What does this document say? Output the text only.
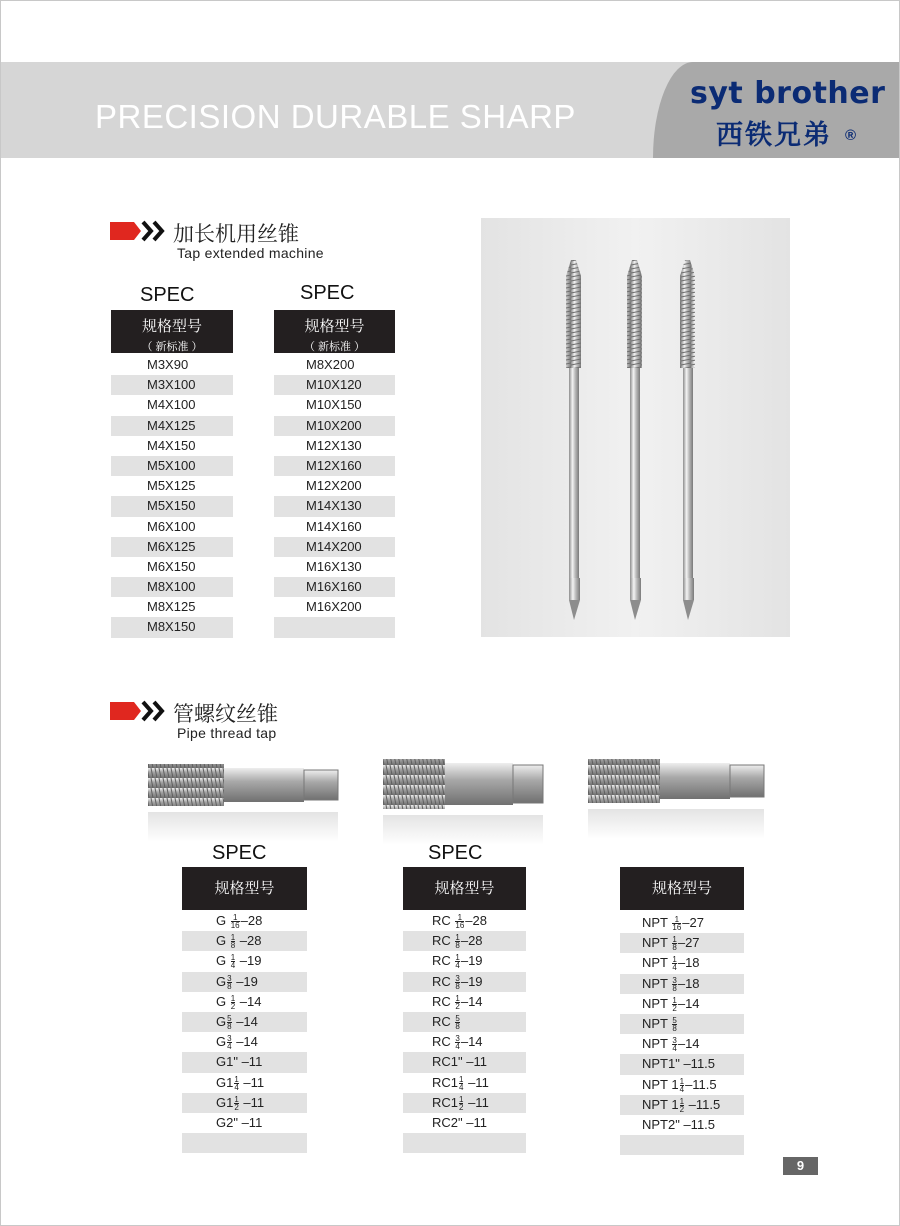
PRECISION DURABLE SHARP
syt brother
西铁兄弟 ®
加长机用丝锥
Tap extended machine
SPEC
规格型号
（ 新标准 ）
M3X90
M3X100
M4X100
M4X125
M4X150
M5X100
M5X125
M5X150
M6X100
M6X125
M6X150
M8X100
M8X125
M8X150
SPEC
规格型号
（ 新标准 ）
M8X200
M10X120
M10X150
M10X200
M12X130
M12X160
M12X200
M14X130
M14X160
M14X200
M16X130
M16X160
M16X200
管螺纹丝锥
Pipe thread tap
SPEC
规格型号
G $\frac{1}{16} -28$
G $\frac{1}{8} -28$
G $\frac{1}{4} -19$
G $\frac{3}{8} -19$
G $\frac{1}{2} -14$
G $\frac{5}{8} -14$
G $\frac{3}{4} -14$
G1" –11
$G1 \frac{1}{4} -11$
$G1 \frac{1}{2} -11$
G2" –11
SPEC
规格型号
RC $\frac{1}{16} -28$
RC $\frac{1}{8} -28$
RC $\frac{1}{4} -19$
RC $\frac{3}{8} -19$
RC $\frac{1}{2} -14$
RC $\frac{5}{8}$
RC $\frac{3}{4} -14$
RC1" –11
$RC1 \frac{1}{4} -11$
$RC1 \frac{1}{2} -11$
RC2" –11
规格型号
NPT $\frac{1}{16} -27$
NPT $\frac{1}{8} -27$
NPT $\frac{1}{4} -18$
NPT $\frac{3}{8} -18$
NPT $\frac{1}{2} -14$
NPT $\frac{5}{8}$
NPT $\frac{3}{4} -14$
NPT1" –11.5
NPT $1 \frac{1}{4} -11.5$
NPT $1 \frac{1}{2} -11.5$
NPT2" –11.5
9
